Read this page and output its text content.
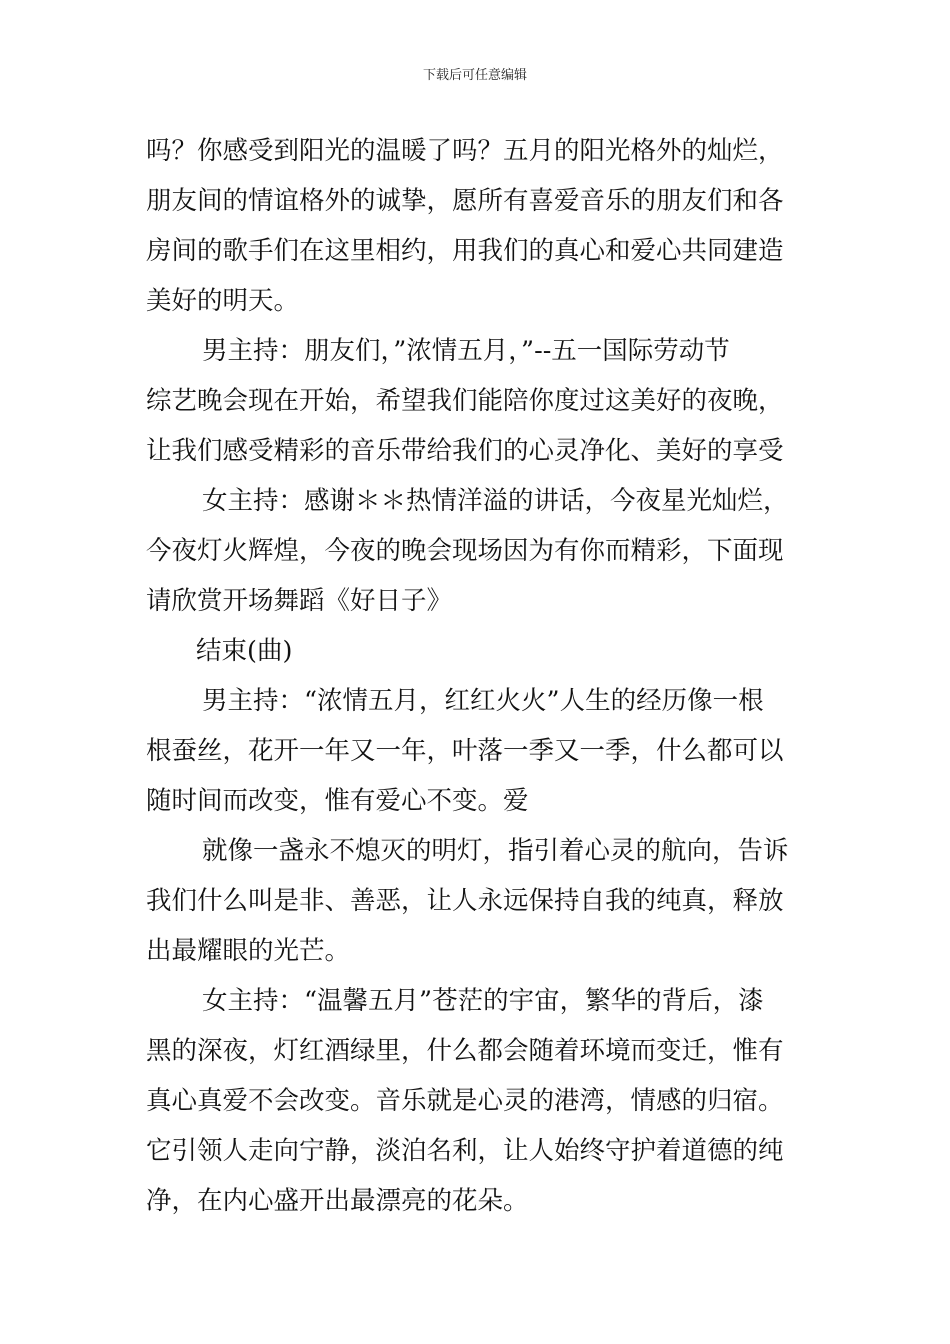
下载后可任意编辑
吗？你感受到阳光的温暖了吗？五月的阳光格外的灿烂，
朋友间的情谊格外的诚挚，愿所有喜爱音乐的朋友们和各
房间的歌手们在这里相约，用我们的真心和爱心共同建造
美好的明天。
男主持：朋友们，”浓情五月，”--五一国际劳动节
综艺晚会现在开始，希望我们能陪你度过这美好的夜晚，
让我们感受精彩的音乐带给我们的心灵净化、美好的享受
女主持：感谢＊＊热情洋溢的讲话，今夜星光灿烂，
今夜灯火辉煌，今夜的晚会现场因为有你而精彩，下面现
请欣赏开场舞蹈《好日子》
结束(曲)
男主持：“浓情五月，红红火火”人生的经历像一根
根蚕丝，花开一年又一年，叶落一季又一季，什么都可以
随时间而改变，惟有爱心不变。爱
就像一盏永不熄灭的明灯，指引着心灵的航向，告诉
我们什么叫是非、善恶，让人永远保持自我的纯真，释放
出最耀眼的光芒。
女主持：“温馨五月”苍茫的宇宙，繁华的背后，漆
黑的深夜，灯红酒绿里，什么都会随着环境而变迁，惟有
真心真爱不会改变。音乐就是心灵的港湾，情感的归宿。
它引领人走向宁静，淡泊名利，让人始终守护着道德的纯
净，在内心盛开出最漂亮的花朵。
